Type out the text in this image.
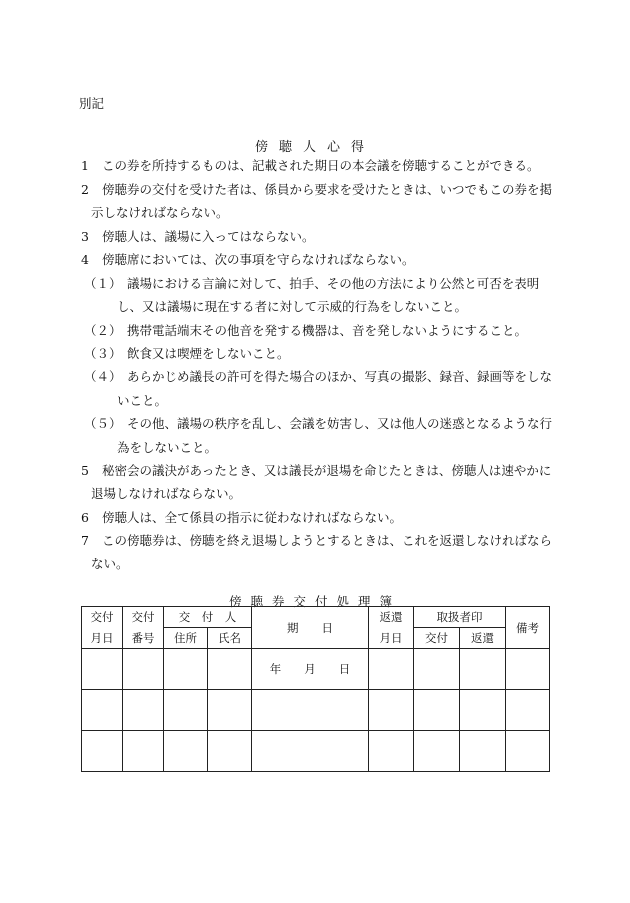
別記
傍聴人心得
1 この券を所持するものは、記載された期日の本会議を傍聴することができる。
2 傍聴券の交付を受けた者は、係員から要求を受けたときは、いつでもこの券を掲
示しなければならない。
3 傍聴人は、議場に入ってはならない。
4 傍聴席においては、次の事項を守らなければならない。
（１） 議場における言論に対して、拍手、その他の方法により公然と可否を表明
し、又は議場に現在する者に対して示威的行為をしないこと。
（２） 携帯電話端末その他音を発する機器は、音を発しないようにすること。
（３） 飲食又は喫煙をしないこと。
（４） あらかじめ議長の許可を得た場合のほか、写真の撮影、録音、録画等をしな
いこと。
（５） その他、議場の秩序を乱し、会議を妨害し、又は他人の迷惑となるような行
為をしないこと。
5 秘密会の議決があったとき、又は議長が退場を命じたときは、傍聴人は速やかに
退場しなければならない。
6 傍聴人は、全て係員の指示に従わなければならない。
7 この傍聴券は、傍聴を終え退場しようとするときは、これを返還しなければなら
ない。
傍聴券交付処理簿
交付	交付	交　付　人		期　　日	返還	取扱者印		備考
月日	番号	住所	氏名		月日	交付	返還	
				年　　月　　日				
